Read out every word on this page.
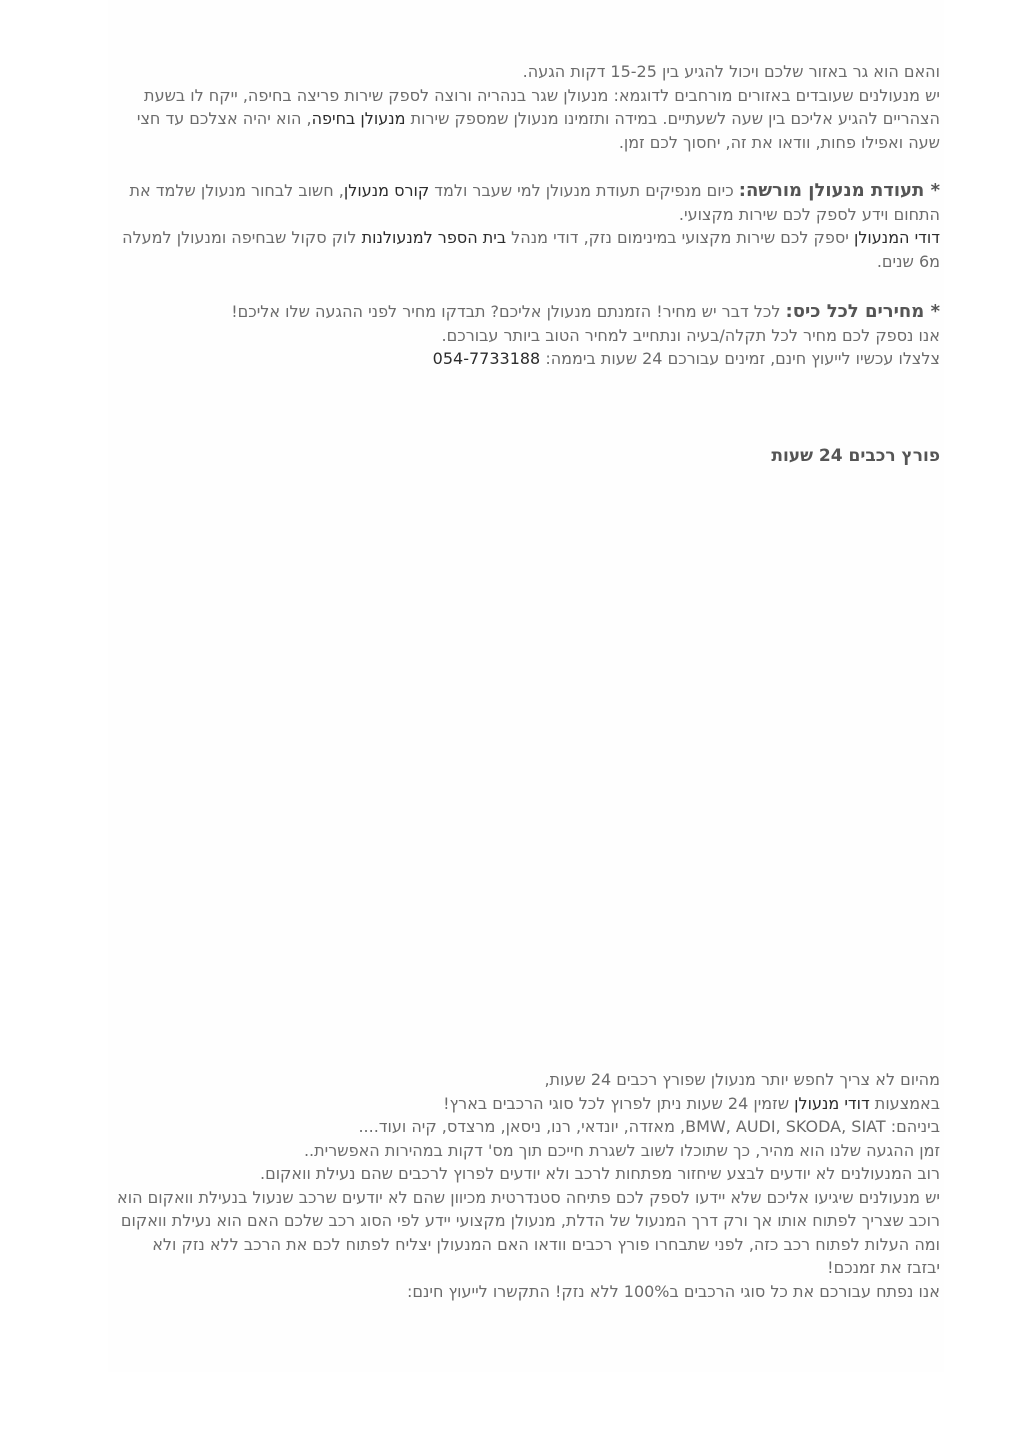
והאם הוא גר באזור שלכם ויכול להגיע בין 15-25 דקות הגעה.

יש מנעולנים שעובדים באזורים מורחבים לדוגמא: מנעולן שגר בנהריה ורוצה לספק שירות פריצה בחיפה, ייקח לו בשעת הצהריים להגיע אליכם בין שעה לשעתיים. במידה ותזמינו מנעולן שמספק שירות מנעולן בחיפה, הוא יהיה אצלכם עד חצי שעה ואפילו פחות, וודאו את זה, יחסוך לכם זמן.

* תעודת מנעולן מורשה: כיום מנפיקים תעודת מנעולן למי שעבר ולמד קורס מנעולן, חשוב לבחור מנעולן שלמד את התחום וידע לספק לכם שירות מקצועי.

דודי המנעולן יספק לכם שירות מקצועי במינימום נזק, דודי מנהל בית הספר למנעולנות לוק סקול שבחיפה ומנעולן למעלה מ6 שנים.

* מחירים לכל כיס: לכל דבר יש מחיר! הזמנתם מנעולן אליכם? תבדקו מחיר לפני ההגעה שלו אליכם!

אנו נספק לכם מחיר לכל תקלה/בעיה ונתחייב למחיר הטוב ביותר עבורכם.

צלצלו עכשיו לייעוץ חינם, זמינים עבורכם 24 שעות ביממה: 054-7733188

פורץ רכבים 24 שעות

מהיום לא צריך לחפש יותר מנעולן שפורץ רכבים 24 שעות,

באמצעות דודי מנעולן שזמין 24 שעות ניתן לפרוץ לכל סוגי הרכבים בארץ!

ביניהם: BMW, AUDI, SKODA, SIAT, מאזדה, יונדאי, רנו, ניסאן, מרצדס, קיה ועוד....

זמן ההגעה שלנו הוא מהיר, כך שתוכלו לשוב לשגרת חייכם תוך מס' דקות במהירות האפשרית..

רוב המנעולנים לא יודעים לבצע שיחזור מפתחות לרכב ולא יודעים לפרוץ לרכבים שהם נעילת וואקום.

יש מנעולנים שיגיעו אליכם שלא יידעו לספק לכם פתיחה סטנדרטית מכיוון שהם לא יודעים שרכב שנעול בנעילת וואקום הוא רוכב שצריך לפתוח אותו אך ורק דרך המנעול של הדלת, מנעולן מקצועי יידע לפי הסוג רכב שלכם האם הוא נעילת וואקום ומה העלות לפתוח רכב כזה, לפני שתבחרו פורץ רכבים וודאו האם המנעולן יצליח לפתוח לכם את הרכב ללא נזק ולא יבזבז את זמנכם!

אנו נפתח עבורכם את כל סוגי הרכבים ב100% ללא נזק! התקשרו לייעוץ חינם:
